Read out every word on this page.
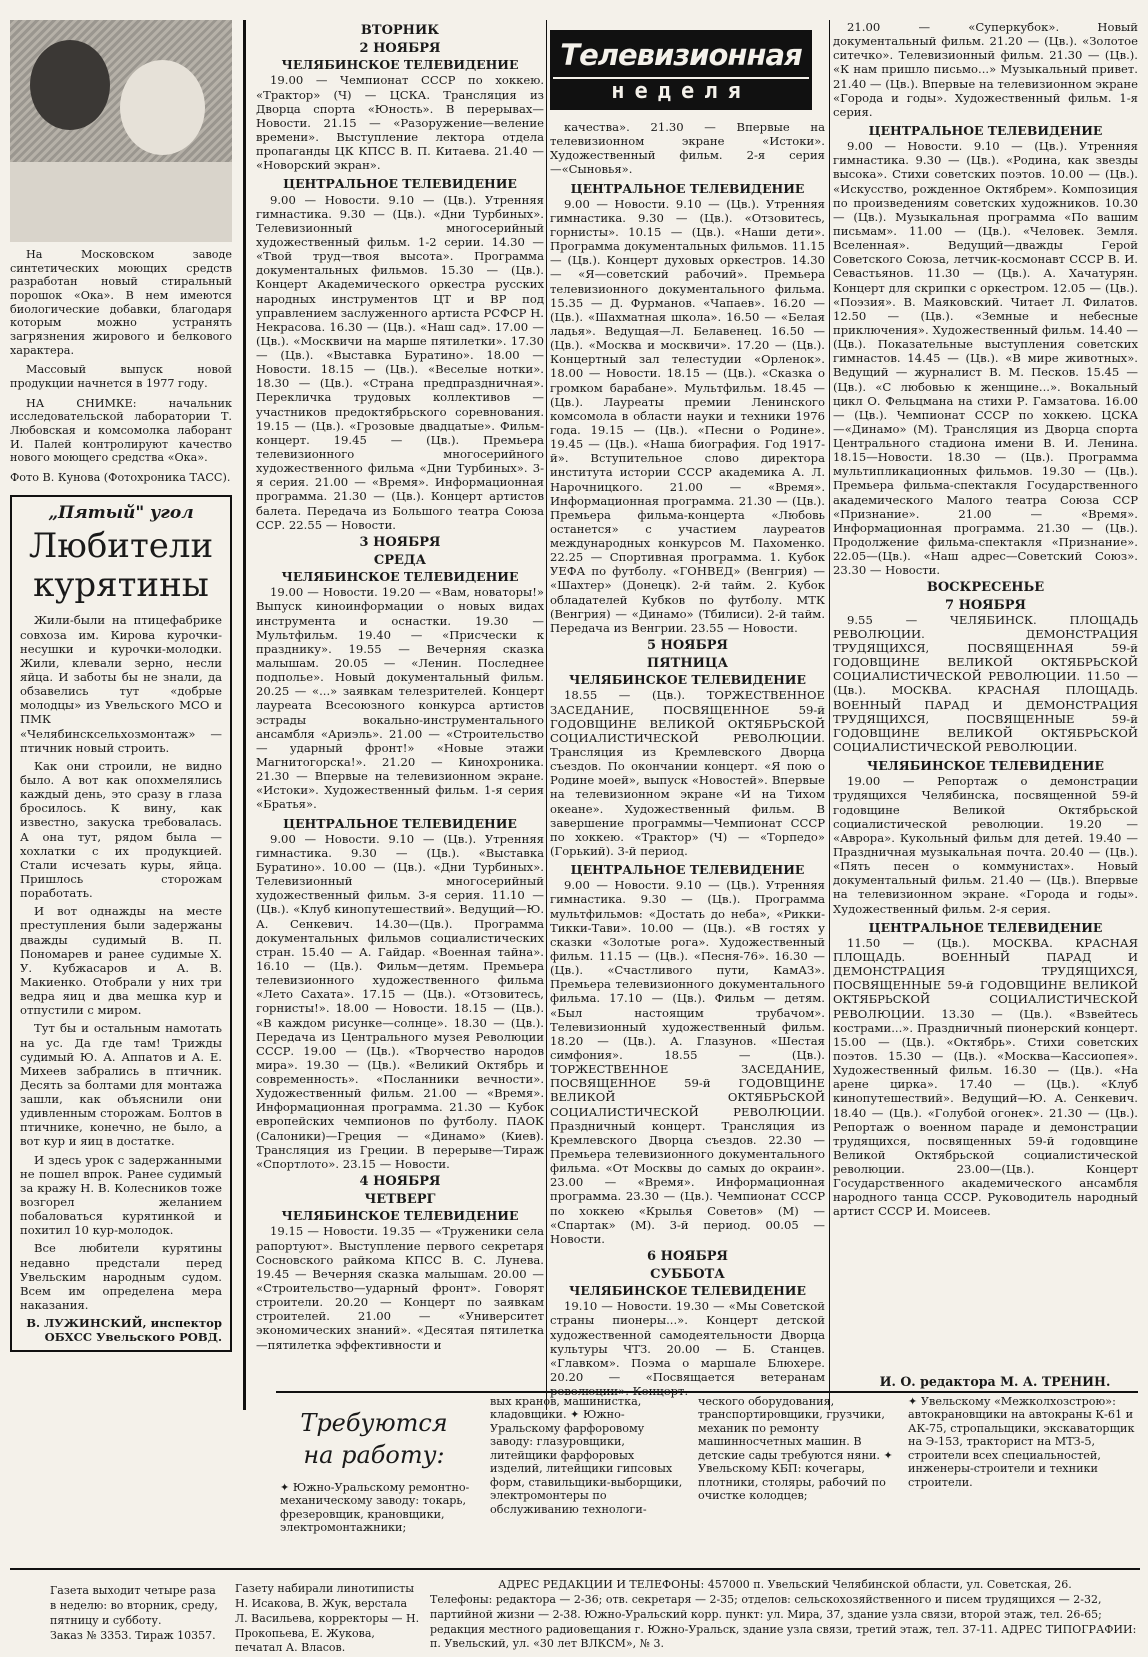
На Московском заводе синтетических моющих средств разработан новый стиральный порошок «Ока». В нем имеются биологические добавки, благодаря которым можно устранять загрязнения жирового и белкового характера.
Массовый выпуск новой продукции начнется в 1977 году.
НА СНИМКЕ: начальник исследовательской лаборатории Т. Любовская и комсомолка лаборант И. Палей контролируют качество нового моющего средства «Ока».
Фото В. Кунова (Фотохроника ТАСС).
„Пятый" угол
Любители курятины
Жили-были на птицефабрике совхоза им. Кирова курочки-несушки и курочки-молодки. Жили, клевали зерно, несли яйца. И заботы бы не знали, да обзавелись тут «добрые молодцы» из Увельского МСО и ПМК «Челябинсксельхозмонтаж» — птичник новый строить.
Как они строили, не видно было. А вот как опохмелялись каждый день, это сразу в глаза бросилось. К вину, как известно, закуска требовалась. А она тут, рядом была — хохлатки с их продукцией. Стали исчезать куры, яйца. Пришлось сторожам поработать.
И вот однажды на месте преступления были задержаны дважды судимый В. П. Пономарев и ранее судимые Х. У. Кубжасаров и А. В. Макиенко. Отобрали у них три ведра яиц и два мешка кур и отпустили с миром.
Тут бы и остальным намотать на ус. Да где там! Трижды судимый Ю. А. Аппатов и А. Е. Михеев забрались в птичник. Десять за болтами для монтажа зашли, как объяснили они удивленным сторожам. Болтов в птичнике, конечно, не было, а вот кур и яиц в достатке.
И здесь урок с задержанными не пошел впрок. Ранее судимый за кражу Н. В. Колесников тоже возгорел желанием побаловаться курятинкой и похитил 10 кур-молодок.
Все любители курятины недавно предстали перед Увельским народным судом. Всем им определена мера наказания.
В. ЛУЖИНСКИЙ, инспектор ОБХСС Увельского РОВД.
ВТОРНИК
2 НОЯБРЯ
ЧЕЛЯБИНСКОЕ ТЕЛЕВИДЕНИЕ
19.00 — Чемпионат СССР по хоккею. «Трактор» (Ч) — ЦСКА. Трансляция из Дворца спорта «Юность». В перерывах—Новости. 21.15 — «Разоружение—веление времени». Выступление лектора отдела пропаганды ЦК КПСС В. П. Китаева. 21.40 — «Новорский экран».
ЦЕНТРАЛЬНОЕ ТЕЛЕВИДЕНИЕ
9.00 — Новости. 9.10 — (Цв.). Утренняя гимнастика. 9.30 — (Цв.). «Дни Турбиных». Телевизионный многосерийный художественный фильм. 1-2 серии. 14.30 — «Твой труд—твоя высота». Программа документальных фильмов. 15.30 — (Цв.). Концерт Академического оркестра русских народных инструментов ЦТ и ВР под управлением заслуженного артиста РСФСР Н. Некрасова. 16.30 — (Цв.). «Наш сад». 17.00 — (Цв.). «Москвичи на марше пятилетки». 17.30 — (Цв.). «Выставка Буратино». 18.00 — Новости. 18.15 — (Цв.). «Веселые нотки». 18.30 — (Цв.). «Страна предпраздничная». Перекличка трудовых коллективов — участников предоктябрьского соревнования. 19.15 — (Цв.). «Грозовые двадцатые». Фильм-концерт. 19.45 — (Цв.). Премьера телевизионного многосерийного художественного фильма «Дни Турбиных». 3-я серия. 21.00 — «Время». Информационная программа. 21.30 — (Цв.). Концерт артистов балета. Передача из Большого театра Союза ССР. 22.55 — Новости.
3 НОЯБРЯ
СРЕДА
ЧЕЛЯБИНСКОЕ ТЕЛЕВИДЕНИЕ
19.00 — Новости. 19.20 — «Вам, новаторы!» Выпуск киноинформации о новых видах инструмента и оснастки. 19.30 — Мультфильм. 19.40 — «Присчески к празднику». 19.55 — Вечерняя сказка малышам. 20.05 — «Ленин. Последнее подполье». Новый документальный фильм. 20.25 — «...» заявкам телезрителей. Концерт лауреата Всесоюзного конкурса артистов эстрады вокально-инструментального ансамбля «Ариэль». 21.00 — «Строительство — ударный фронт!» «Новые этажи Магнитогорска!». 21.20 — Кинохроника. 21.30 — Впервые на телевизионном экране. «Истоки». Художественный фильм. 1-я серия «Братья».
ЦЕНТРАЛЬНОЕ ТЕЛЕВИДЕНИЕ
9.00 — Новости. 9.10 — (Цв.). Утренняя гимнастика. 9.30 — (Цв.). «Выставка Буратино». 10.00 — (Цв.). «Дни Турбиных». Телевизионный многосерийный художественный фильм. 3-я серия. 11.10 — (Цв.). «Клуб кинопутешествий». Ведущий—Ю. А. Сенкевич. 14.30—(Цв.). Программа документальных фильмов социалистических стран. 15.40 — А. Гайдар. «Военная тайна». 16.10 — (Цв.). Фильм—детям. Премьера телевизионного художественного фильма «Лето Сахата». 17.15 — (Цв.). «Отзовитесь, горнисты!». 18.00 — Новости. 18.15 — (Цв.). «В каждом рисунке—солнце». 18.30 — (Цв.). Передача из Центрального музея Революции СССР. 19.00 — (Цв.). «Творчество народов мира». 19.30 — (Цв.). «Великий Октябрь и современность». «Посланники вечности». Художественный фильм. 21.00 — «Время». Информационная программа. 21.30 — Кубок европейских чемпионов по футболу. ПАОК (Салоники)—Греция — «Динамо» (Киев). Трансляция из Греции. В перерыве—Тираж «Спортлото». 23.15 — Новости.
4 НОЯБРЯ
ЧЕТВЕРГ
ЧЕЛЯБИНСКОЕ ТЕЛЕВИДЕНИЕ
19.15 — Новости. 19.35 — «Труженики села рапортуют». Выступление первого секретаря Сосновского райкома КПСС В. С. Лунева. 19.45 — Вечерняя сказка малышам. 20.00 — «Строительство—ударный фронт». Говорят строители. 20.20 — Концерт по заявкам строителей. 21.00 — «Университет экономических знаний». «Десятая пятилетка—пятилетка эффективности и
Телевизионная
неделя
качества». 21.30 — Впервые на телевизионном экране «Истоки». Художественный фильм. 2-я серия—«Сыновья».
ЦЕНТРАЛЬНОЕ ТЕЛЕВИДЕНИЕ
9.00 — Новости. 9.10 — (Цв.). Утренняя гимнастика. 9.30 — (Цв.). «Отзовитесь, горнисты». 10.15 — (Цв.). «Наши дети». Программа документальных фильмов. 11.15 — (Цв.). Концерт духовых оркестров. 14.30 — «Я—советский рабочий». Премьера телевизионного документального фильма. 15.35 — Д. Фурманов. «Чапаев». 16.20 — (Цв.). «Шахматная школа». 16.50 — «Белая ладья». Ведущая—Л. Белавенец. 16.50 — (Цв.). «Москва и москвичи». 17.20 — (Цв.). Концертный зал телестудии «Орленок». 18.00 — Новости. 18.15 — (Цв.). «Сказка о громком барабане». Мультфильм. 18.45 — (Цв.). Лауреаты премии Ленинского комсомола в области науки и техники 1976 года. 19.15 — (Цв.). «Песни о Родине». 19.45 — (Цв.). «Наша биография. Год 1917-й». Вступительное слово директора института истории СССР академика А. Л. Нарочницкого. 21.00 — «Время». Информационная программа. 21.30 — (Цв.). Премьера фильма-концерта «Любовь останется» с участием лауреатов международных конкурсов М. Пахоменко. 22.25 — Спортивная программа. 1. Кубок УЕФА по футболу. «ГОНВЕД» (Венгрия) — «Шахтер» (Донецк). 2-й тайм. 2. Кубок обладателей Кубков по футболу. МТК (Венгрия) — «Динамо» (Тбилиси). 2-й тайм. Передача из Венгрии. 23.55 — Новости.
5 НОЯБРЯ
ПЯТНИЦА
ЧЕЛЯБИНСКОЕ ТЕЛЕВИДЕНИЕ
18.55 — (Цв.). ТОРЖЕСТВЕННОЕ ЗАСЕДАНИЕ, ПОСВЯЩЕННОЕ 59-й ГОДОВЩИНЕ ВЕЛИКОЙ ОКТЯБРЬСКОЙ СОЦИАЛИСТИЧЕСКОЙ РЕВОЛЮЦИИ. Трансляция из Кремлевского Дворца съездов. По окончании концерт. «Я пою о Родине моей», выпуск «Новостей». Впервые на телевизионном экране «И на Тихом океане». Художественный фильм. В завершение программы—Чемпионат СССР по хоккею. «Трактор» (Ч) — «Торпедо» (Горький). 3-й период.
ЦЕНТРАЛЬНОЕ ТЕЛЕВИДЕНИЕ
9.00 — Новости. 9.10 — (Цв.). Утренняя гимнастика. 9.30 — (Цв.). Программа мультфильмов: «Достать до неба», «Рикки-Тикки-Тави». 10.00 — (Цв.). «В гостях у сказки «Золотые рога». Художественный фильм. 11.15 — (Цв.). «Песня-76». 16.30 — (Цв.). «Счастливого пути, КамАЗ». Премьера телевизионного документального фильма. 17.10 — (Цв.). Фильм — детям. «Был настоящим трубачом». Телевизионный художественный фильм. 18.20 — (Цв.). А. Глазунов. «Шестая симфония». 18.55 — (Цв.). ТОРЖЕСТВЕННОЕ ЗАСЕДАНИЕ, ПОСВЯЩЕННОЕ 59-й ГОДОВЩИНЕ ВЕЛИКОЙ ОКТЯБРЬСКОЙ СОЦИАЛИСТИЧЕСКОЙ РЕВОЛЮЦИИ. Праздничный концерт. Трансляция из Кремлевского Дворца съездов. 22.30 — Премьера телевизионного документального фильма. «От Москвы до самых до окраин». 23.00 — «Время». Информационная программа. 23.30 — (Цв.). Чемпионат СССР по хоккею «Крылья Советов» (М) — «Спартак» (М). 3-й период. 00.05 — Новости.
6 НОЯБРЯ
СУББОТА
ЧЕЛЯБИНСКОЕ ТЕЛЕВИДЕНИЕ
19.10 — Новости. 19.30 — «Мы Советской страны пионеры...». Концерт детской художественной самодеятельности Дворца культуры ЧТЗ. 20.00 — Б. Станцев. «Главком». Поэма о маршале Блюхере. 20.20 — «Посвящается ветеранам революции». Концерт.
21.00 — «Суперкубок». Новый документальный фильм. 21.20 — (Цв.). «Золотое ситечко». Телевизионный фильм. 21.30 — (Цв.). «К нам пришло письмо...» Музыкальный привет. 21.40 — (Цв.). Впервые на телевизионном экране «Города и годы». Художественный фильм. 1-я серия.
ЦЕНТРАЛЬНОЕ ТЕЛЕВИДЕНИЕ
9.00 — Новости. 9.10 — (Цв.). Утренняя гимнастика. 9.30 — (Цв.). «Родина, как звезды высока». Стихи советских поэтов. 10.00 — (Цв.). «Искусство, рожденное Октябрем». Композиция по произведениям советских художников. 10.30 — (Цв.). Музыкальная программа «По вашим письмам». 11.00 — (Цв.). «Человек. Земля. Вселенная». Ведущий—дважды Герой Советского Союза, летчик-космонавт СССР В. И. Севастьянов. 11.30 — (Цв.). А. Хачатурян. Концерт для скрипки с оркестром. 12.05 — (Цв.). «Поэзия». В. Маяковский. Читает Л. Филатов. 12.50 — (Цв.). «Земные и небесные приключения». Художественный фильм. 14.40 — (Цв.). Показательные выступления советских гимнастов. 14.45 — (Цв.). «В мире животных». Ведущий — журналист В. М. Песков. 15.45 — (Цв.). «С любовью к женщине...». Вокальный цикл О. Фельцмана на стихи Р. Гамзатова. 16.00 — (Цв.). Чемпионат СССР по хоккею. ЦСКА—«Динамо» (М). Трансляция из Дворца спорта Центрального стадиона имени В. И. Ленина. 18.15—Новости. 18.30 — (Цв.). Программа мультипликационных фильмов. 19.30 — (Цв.). Премьера фильма-спектакля Государственного академического Малого театра Союза ССР «Признание». 21.00 — «Время». Информационная программа. 21.30 — (Цв.). Продолжение фильма-спектакля «Признание». 22.05—(Цв.). «Наш адрес—Советский Союз». 23.30 — Новости.
ВОСКРЕСЕНЬЕ
7 НОЯБРЯ
9.55 — ЧЕЛЯБИНСК. ПЛОЩАДЬ РЕВОЛЮЦИИ. ДЕМОНСТРАЦИЯ ТРУДЯЩИХСЯ, ПОСВЯЩЕННАЯ 59-й ГОДОВЩИНЕ ВЕЛИКОЙ ОКТЯБРЬСКОЙ СОЦИАЛИСТИЧЕСКОЙ РЕВОЛЮЦИИ. 11.50 — (Цв.). МОСКВА. КРАСНАЯ ПЛОЩАДЬ. ВОЕННЫЙ ПАРАД И ДЕМОНСТРАЦИЯ ТРУДЯЩИХСЯ, ПОСВЯЩЕННЫЕ 59-й ГОДОВЩИНЕ ВЕЛИКОЙ ОКТЯБРЬСКОЙ СОЦИАЛИСТИЧЕСКОЙ РЕВОЛЮЦИИ.
ЧЕЛЯБИНСКОЕ ТЕЛЕВИДЕНИЕ
19.00 — Репортаж о демонстрации трудящихся Челябинска, посвященной 59-й годовщине Великой Октябрьской социалистической революции. 19.20 — «Аврора». Кукольный фильм для детей. 19.40 — Праздничная музыкальная почта. 20.40 — (Цв.). «Пять песен о коммунистах». Новый документальный фильм. 21.40 — (Цв.). Впервые на телевизионном экране. «Города и годы». Художественный фильм. 2-я серия.
ЦЕНТРАЛЬНОЕ ТЕЛЕВИДЕНИЕ
11.50 — (Цв.). МОСКВА. КРАСНАЯ ПЛОЩАДЬ. ВОЕННЫЙ ПАРАД И ДЕМОНСТРАЦИЯ ТРУДЯЩИХСЯ, ПОСВЯЩЕННЫЕ 59-й ГОДОВЩИНЕ ВЕЛИКОЙ ОКТЯБРЬСКОЙ СОЦИАЛИСТИЧЕСКОЙ РЕВОЛЮЦИИ. 13.30 — (Цв.). «Взвейтесь кострами...». Праздничный пионерский концерт. 15.00 — (Цв.). «Октябрь». Стихи советских поэтов. 15.30 — (Цв.). «Москва—Кассиопея». Художественный фильм. 16.30 — (Цв.). «На арене цирка». 17.40 — (Цв.). «Клуб кинопутешествий». Ведущий—Ю. А. Сенкевич. 18.40 — (Цв.). «Голубой огонек». 21.30 — (Цв.). Репортаж о военном параде и демонстрации трудящихся, посвященных 59-й годовщине Великой Октябрьской социалистической революции. 23.00—(Цв.). Концерт Государственного академического ансамбля народного танца СССР. Руководитель народный артист СССР И. Моисеев.
И. О. редактора М. А. ТРЕНИН.
Требуются на работу:
✦ Южно-Уральскому ремонтно-механическому заводу: токарь, фрезеровщик, крановщики, электромонтажники;
вых кранов, машинистка, кладовщики. ✦ Южно-Уральскому фарфоровому заводу: глазуровщики, литейщики фарфоровых изделий, литейщики гипсовых форм, ставильщики-выборщики, электромонтеры по обслуживанию технологи-
ческого оборудования, транспортировщики, грузчики, механик по ремонту машинносчетных машин. В детские сады требуются няни. ✦ Увельскому КБП: кочегары, плотники, столяры, рабочий по очистке колодцев;
✦ Увельскому «Межколхозстрою»: автокрановщики на автокраны К-61 и АК-75, стропальщики, экскаваторщик на Э-153, тракторист на МТЗ-5, строители всех специальностей, инженеры-строители и техники строители.
Газета выходит четыре раза в неделю: во вторник, среду, пятницу и субботу.
Заказ № 3353. Тираж 10357.
Газету набирали линотиписты Н. Исакова, В. Жук, верстала Л. Васильева, корректоры — Н. Прокопьева, Е. Жукова, печатал А. Власов.
АДРЕС РЕДАКЦИИ И ТЕЛЕФОНЫ: 457000 п. Увельский Челябинской области, ул. Советская, 26.
Телефоны: редактора — 2-36; отв. секретаря — 2-35; отделов: сельскохозяйственного и писем трудящихся — 2-32, партийной жизни — 2-38. Южно-Уральский корр. пункт: ул. Мира, 37, здание узла связи, второй этаж, тел. 26-65; редакция местного радиовещания г. Южно-Уральск, здание узла связи, третий этаж, тел. 37-11. АДРЕС ТИПОГРАФИИ: п. Увельский, ул. «30 лет ВЛКСМ», № 3.
